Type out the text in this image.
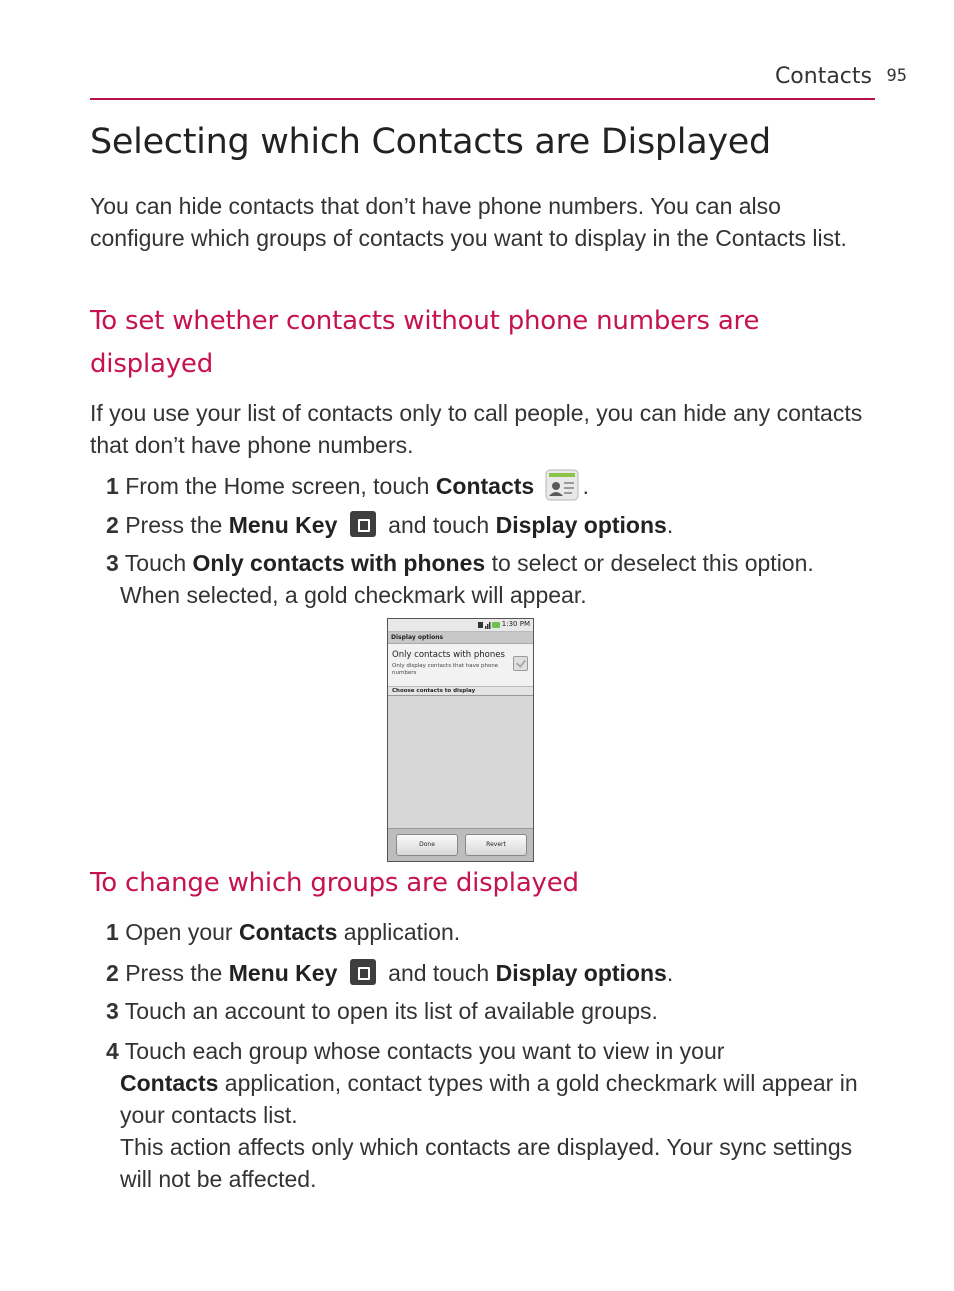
Contacts 95
Selecting which Contacts are Displayed

You can hide contacts that don’t have phone numbers. You can also configure which groups of contacts you want to display in the Contacts list.

To set whether contacts without phone numbers are displayed

If you use your list of contacts only to call people, you can hide any contacts that don’t have phone numbers.

1 From the Home screen, touch Contacts .

2 Press the Menu Key and touch Display options.

3 Touch Only contacts with phones to select or deselect this option.
When selected, a gold checkmark will appear.

1:30 PM
Display options
Only contacts with phones
Only display contacts that have phone numbers
Choose contacts to display
Done	Revert
To change which groups are displayed

1 Open your Contacts application.

2 Press the Menu Key and touch Display options.

3 Touch an account to open its list of available groups.

4 Touch each group whose contacts you want to view in your
Contacts application, contact types with a gold checkmark will appear in your contacts list.
This action affects only which contacts are displayed. Your sync settings will not be affected.
